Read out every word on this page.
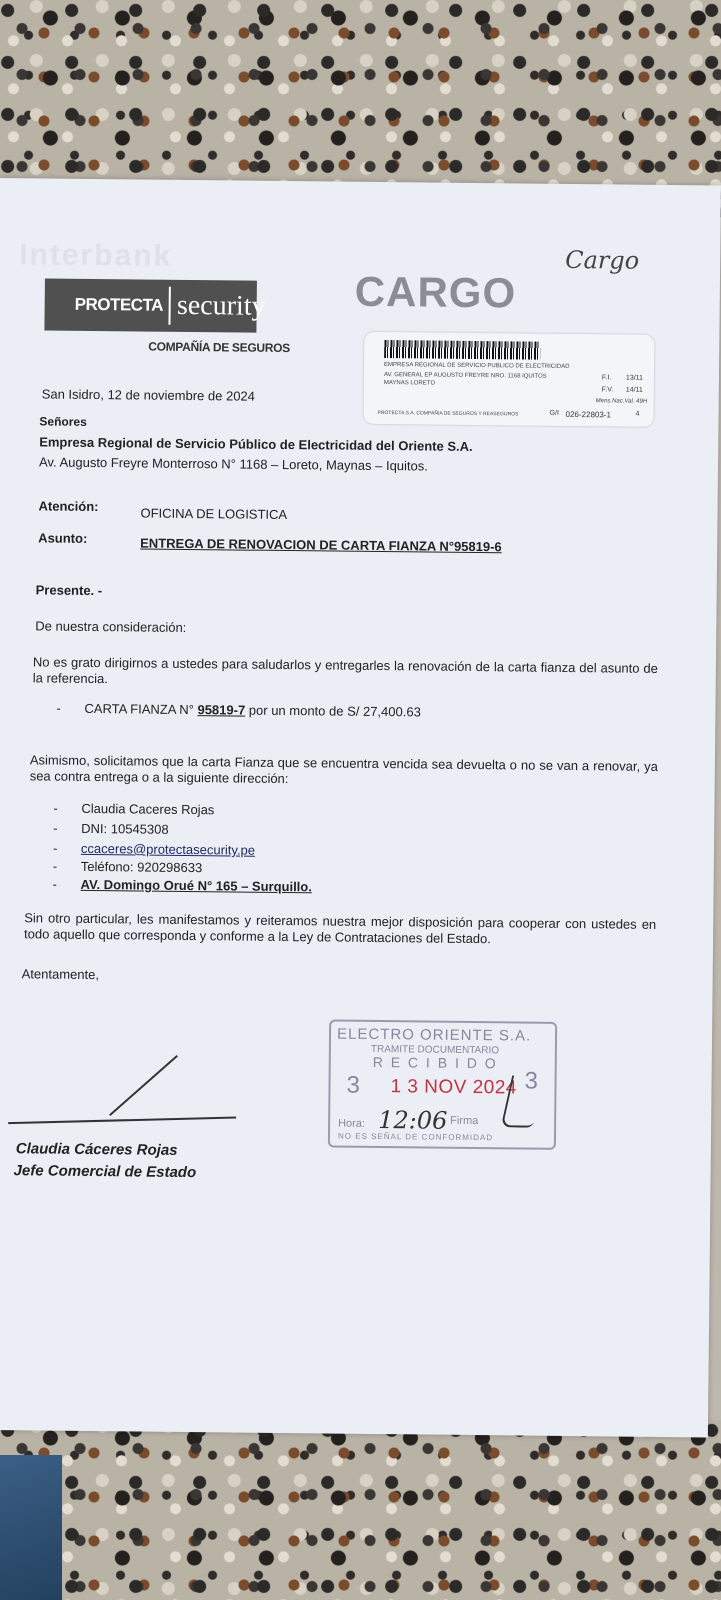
Interbank	Cargo
CARGO
PROTECTA security
COMPAÑÍA DE SEGUROS
EMPRESA REGIONAL DE SERVICIO PUBLICO DE ELECTRICIDAD
AV. GENERAL EP AUGUSTO FREYRE NRO. 1168 IQUITOS
MAYNAS LORETO
F.I. 13/11
F.V. 14/11
Mens.Nac.Val. 49H
PROTECTA S.A. COMPAÑIA DE SEGUROS Y REASEGUROS	G/I 026-22803-1	4
San Isidro, 12 de noviembre de 2024
Señores
Empresa Regional de Servicio Público de Electricidad del Oriente S.A.
Av. Augusto Freyre Monterroso N° 1168 – Loreto, Maynas – Iquitos.
Atención:	OFICINA DE LOGISTICA
Asunto:	ENTREGA DE RENOVACION DE CARTA FIANZA N°95819-6
Presente. -
De nuestra consideración:
No es grato dirigirnos a ustedes para saludarlos y entregarles la renovación de la carta fianza del asunto de la referencia.
- CARTA FIANZA N° 95819-7 por un monto de S/ 27,400.63
Asimismo, solicitamos que la carta Fianza que se encuentra vencida sea devuelta o no se van a renovar, ya sea contra entrega o a la siguiente dirección:
- Claudia Caceres Rojas
- DNI: 10545308
- ccaceres@protectasecurity.pe
- Teléfono: 920298633
- AV. Domingo Orué N° 165 – Surquillo.
Sin otro particular, les manifestamos y reiteramos nuestra mejor disposición para cooperar con ustedes en todo aquello que corresponda y conforme a la Ley de Contrataciones del Estado.
Atentamente,
Claudia Cáceres Rojas
Jefe Comercial de Estado
ELECTRO ORIENTE S.A.
TRAMITE DOCUMENTARIO
R E C I B I D O
3	3
1 3 NOV 2024
Hora: 12:06 Firma
NO ES SEÑAL DE CONFORMIDAD
